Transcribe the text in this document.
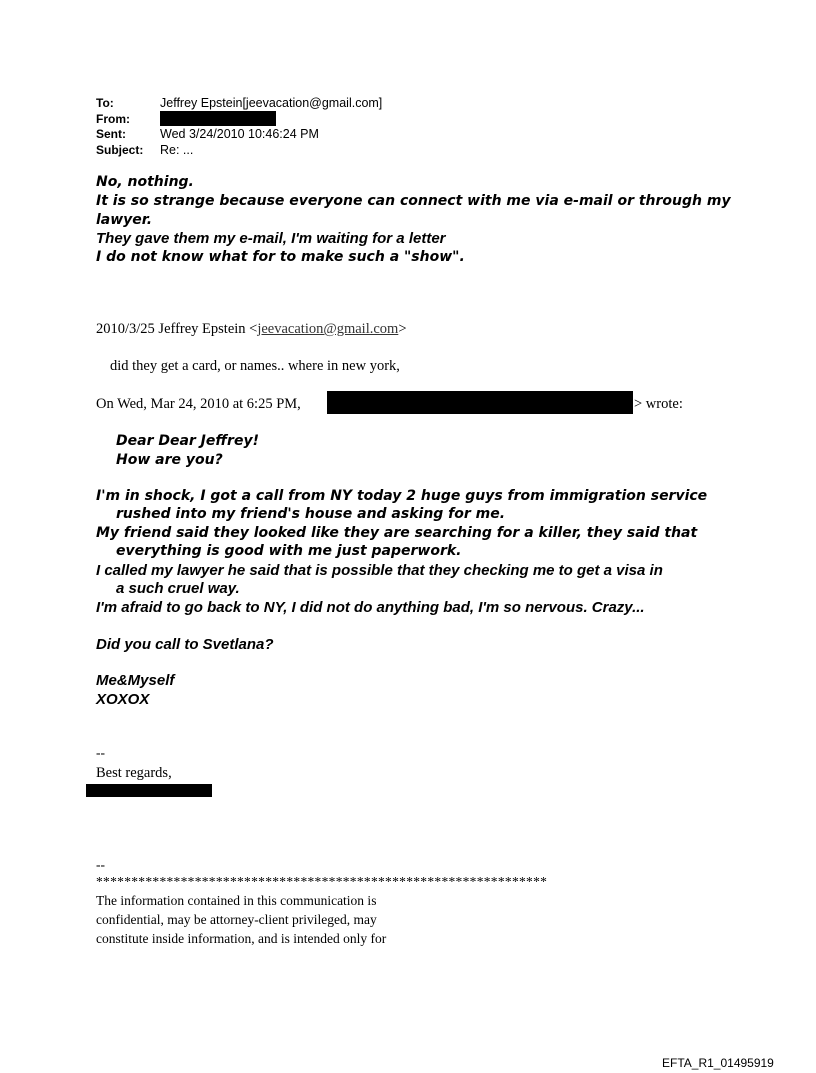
To:	Jeffrey Epstein[jeevacation@gmail.com]
From:
Sent:	Wed 3/24/2010 10:46:24 PM
Subject: Re: ...
No, nothing.
It is so strange because everyone can connect with me via e-mail or through my
lawyer.
They gave them my e-mail, I'm waiting for a letter
I do not know what for to make such a "show".
2010/3/25 Jeffrey Epstein <jeevacation@gmail.com>
did they get a card, or names.. where in new york,
On Wed, Mar 24, 2010 at 6:25 PM,	> wrote:
Dear Dear Jeffrey!
How are you?
I'm in shock, I got a call from NY today 2 huge guys from immigration service
rushed into my friend's house and asking for me.
My friend said they looked like they are searching for a killer, they said that
everything is good with me just paperwork.
I called my lawyer he said that is possible that they checking me to get a visa in
a such cruel way.
I'm afraid to go back to NY, I did not do anything bad, I'm so nervous. Crazy...
Did you call to Svetlana?
Me&Myself
XOXOX
--
Best regards,
--
****************************************************************
The information contained in this communication is
confidential, may be attorney-client privileged, may
constitute inside information, and is intended only for
EFTA_R1_01495919
